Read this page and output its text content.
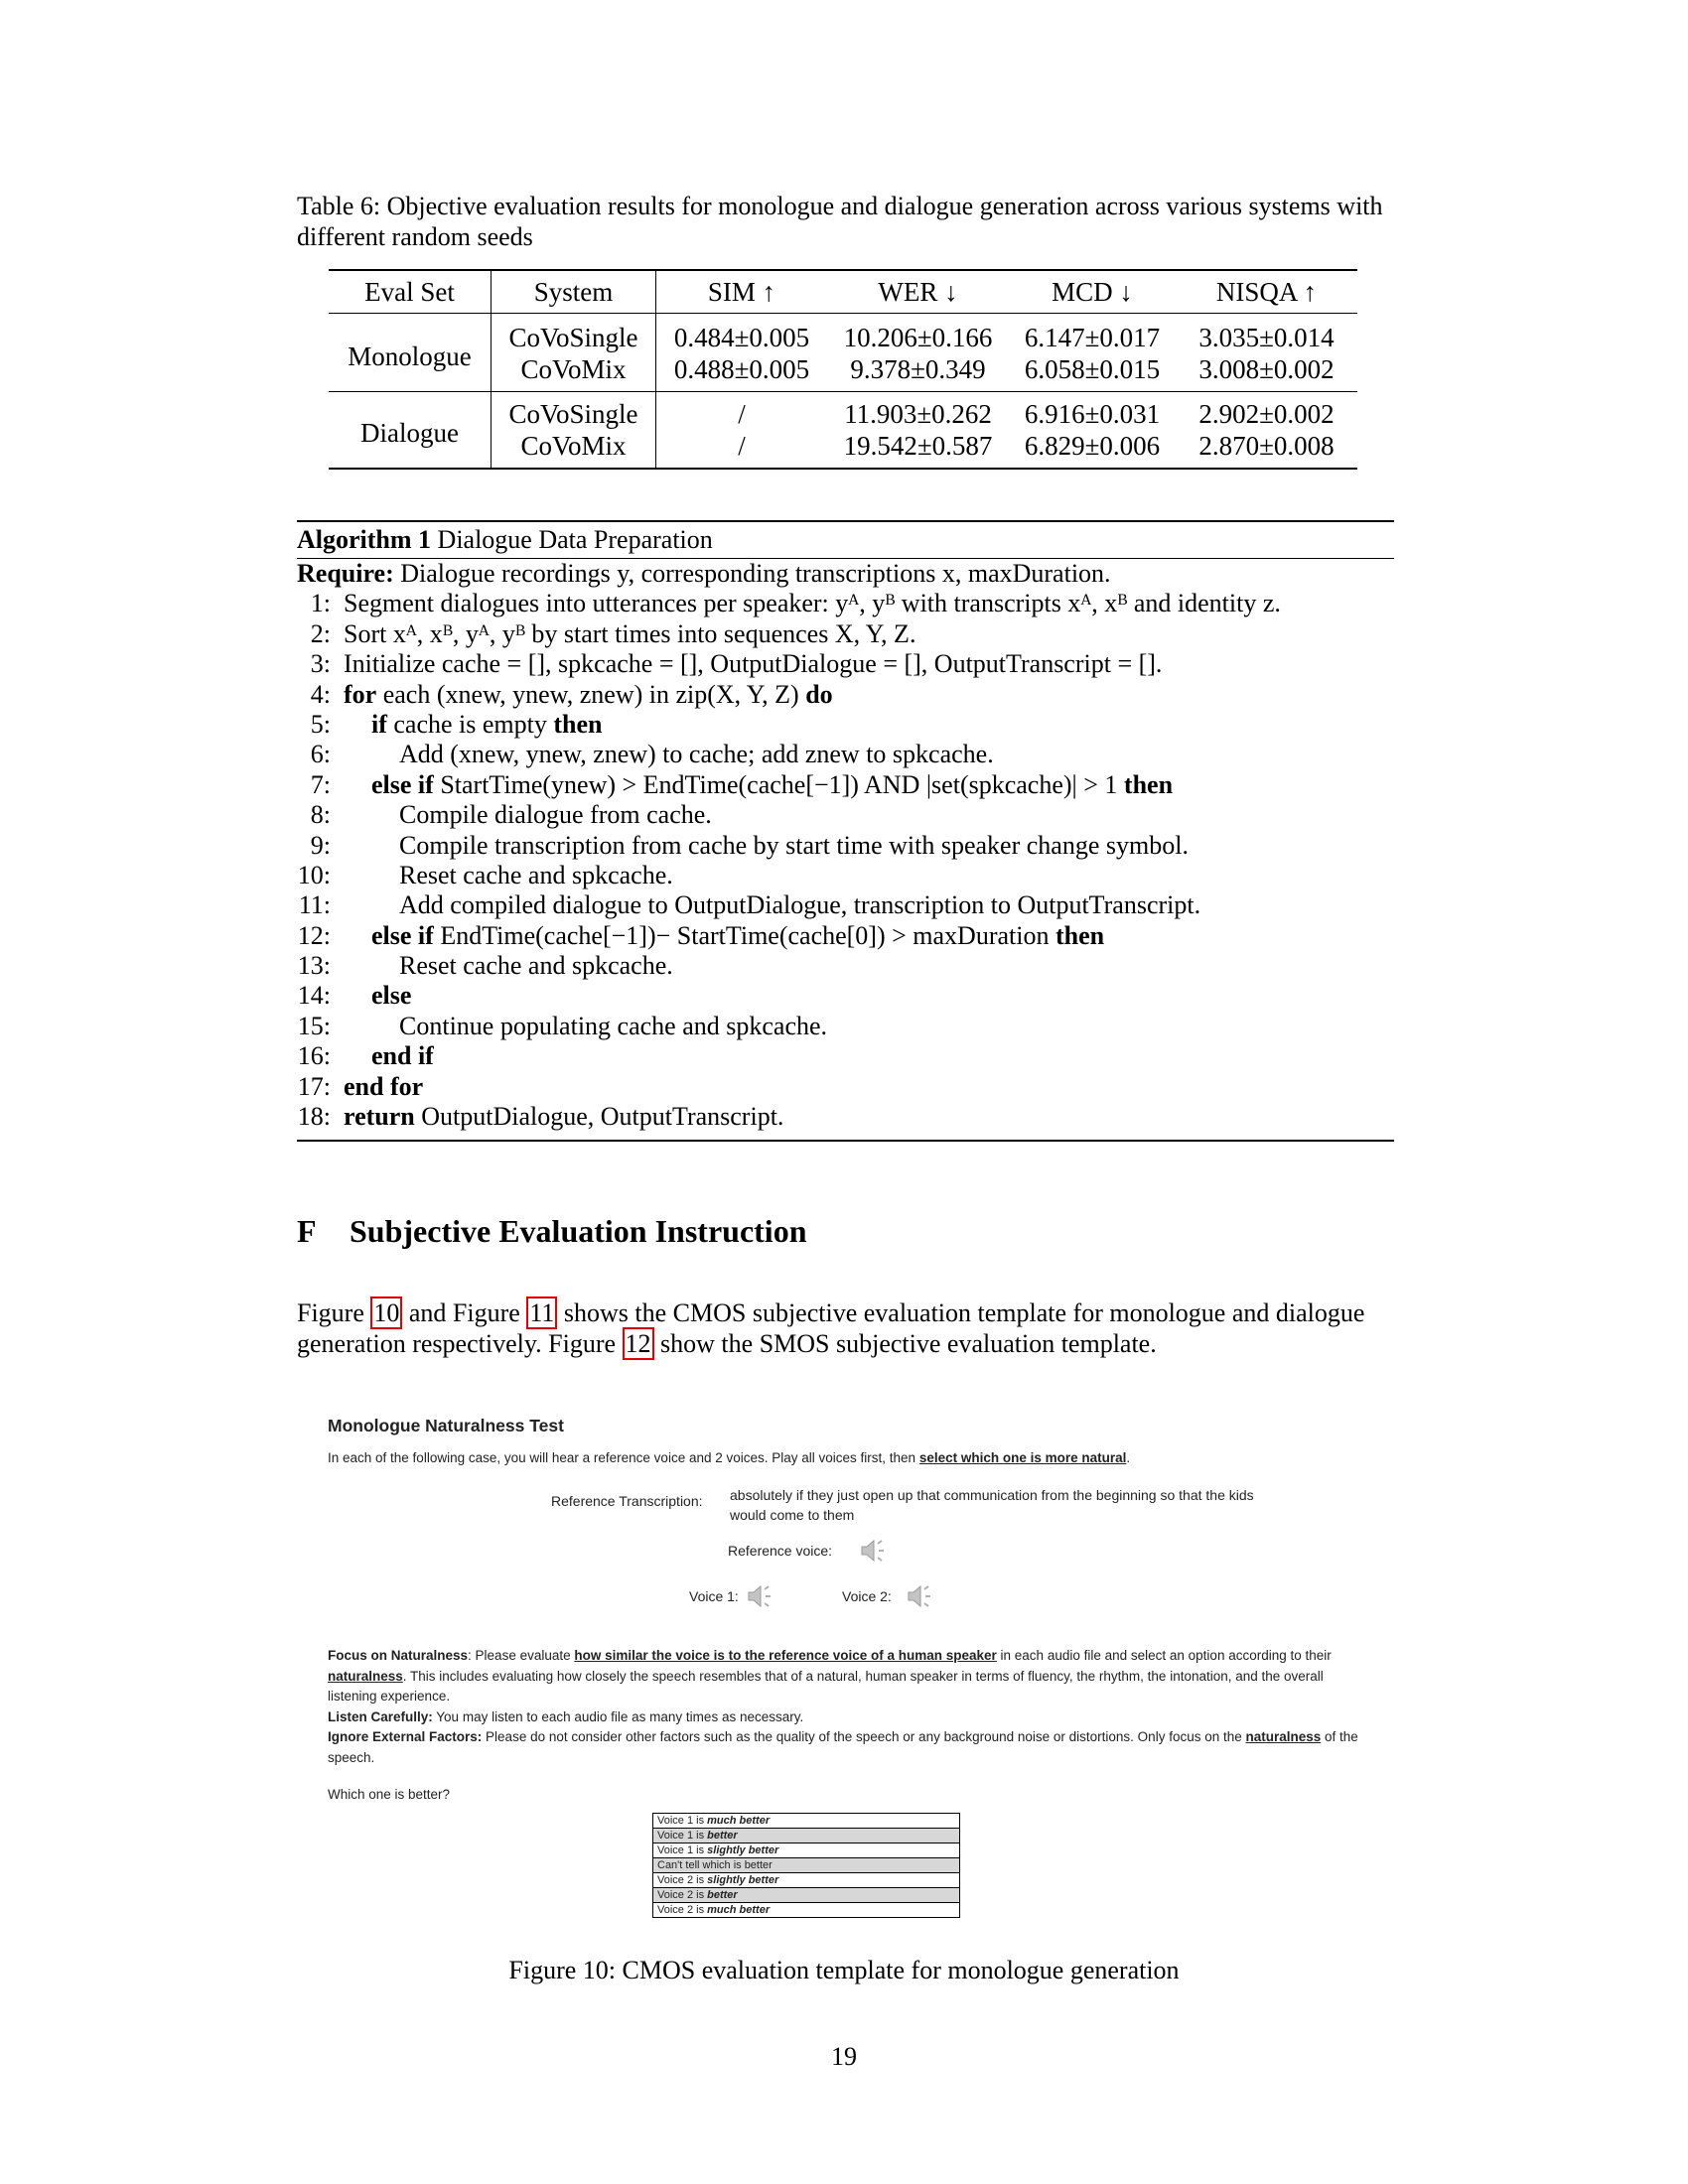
Table 6: Objective evaluation results for monologue and dialogue generation across various systems with different random seeds
Eval Set	System	SIM ↑	WER ↓	MCD ↓	NISQA ↑
Monologue	CoVoSingle	0.484±0.005	10.206±0.166	6.147±0.017	3.035±0.014
	CoVoMix	0.488±0.005	9.378±0.349	6.058±0.015	3.008±0.002
Dialogue	CoVoSingle	/	11.903±0.262	6.916±0.031	2.902±0.002
	CoVoMix	/	19.542±0.587	6.829±0.006	2.870±0.008
Algorithm 1 Dialogue Data Preparation
Require: Dialogue recordings y, corresponding transcriptions x, maxDuration.
1: Segment dialogues into utterances per speaker: yᴬ, yᴮ with transcripts xᴬ, xᴮ and identity z.
2: Sort xᴬ, xᴮ, yᴬ, yᴮ by start times into sequences X, Y, Z.
3: Initialize cache = [], spkcache = [], OutputDialogue = [], OutputTranscript = [].
4: for each (xnew, ynew, znew) in zip(X, Y, Z) do
5: if cache is empty then
6:	Add (xnew, ynew, znew) to cache; add znew to spkcache.
7: else if StartTime(ynew) > EndTime(cache[−1]) AND |set(spkcache)| > 1 then
8:	Compile dialogue from cache.
9:	Compile transcription from cache by start time with speaker change symbol.
10:	Reset cache and spkcache.
11:	Add compiled dialogue to OutputDialogue, transcription to OutputTranscript.
12: else if EndTime(cache[−1])− StartTime(cache[0]) > maxDuration then
13:	Reset cache and spkcache.
14: else
15:	Continue populating cache and spkcache.
16: end if
17: end for
18: return OutputDialogue, OutputTranscript.
F Subjective Evaluation Instruction
Figure 10 and Figure 11 shows the CMOS subjective evaluation template for monologue and dialogue generation respectively. Figure 12 show the SMOS subjective evaluation template.
Monologue Naturalness Test
In each of the following case, you will hear a reference voice and 2 voices. Play all voices first, then select which one is more natural.
Reference Transcription: absolutely if they just open up that communication from the beginning so that the kids would come to them
Reference voice:
Voice 1:	Voice 2:
Focus on Naturalness: Please evaluate how similar the voice is to the reference voice of a human speaker in each audio file and select an option according to their naturalness. This includes evaluating how closely the speech resembles that of a natural, human speaker in terms of fluency, the rhythm, the intonation, and the overall listening experience.
Listen Carefully: You may listen to each audio file as many times as necessary.
Ignore External Factors: Please do not consider other factors such as the quality of the speech or any background noise or distortions. Only focus on the naturalness of the speech.
Which one is better?
Voice 1 is much better
Voice 1 is better
Voice 1 is slightly better
Can't tell which is better
Voice 2 is slightly better
Voice 2 is better
Voice 2 is much better
Figure 10: CMOS evaluation template for monologue generation
19
